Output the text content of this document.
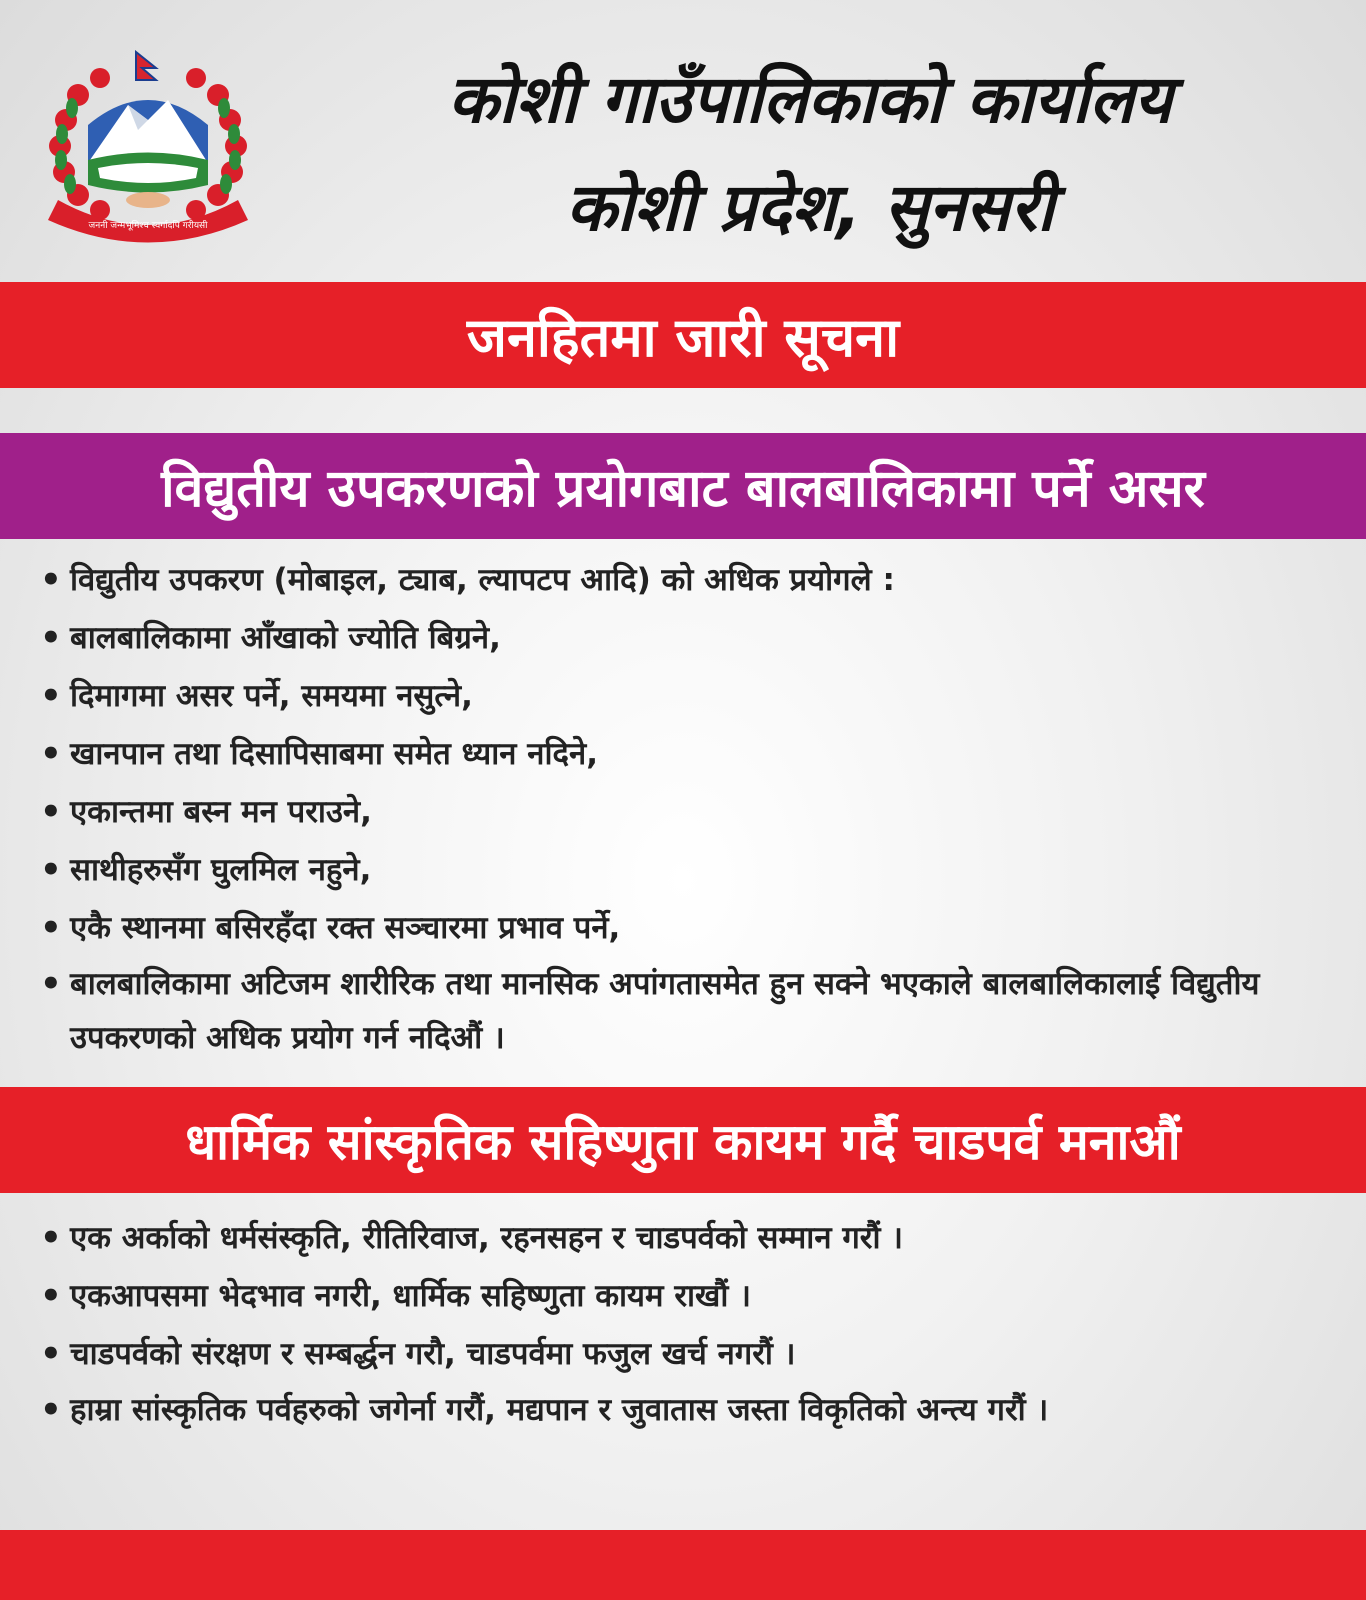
जननी जन्मभूमिश्च स्वर्गादपि गरीयसी
कोशी गाउँपालिकाको कार्यालय
कोशी प्रदेश, सुनसरी
जनहितमा जारी सूचना
विद्युतीय उपकरणको प्रयोगबाट बालबालिकामा पर्ने असर
• विद्युतीय उपकरण (मोबाइल, ट्याब, ल्यापटप आदि) को अधिक प्रयोगले :
• बालबालिकामा आँखाको ज्योति बिग्रने,
• दिमागमा असर पर्ने, समयमा नसुत्ने,
• खानपान तथा दिसापिसाबमा समेत ध्यान नदिने,
• एकान्तमा बस्न मन पराउने,
• साथीहरुसँग घुलमिल नहुने,
• एकै स्थानमा बसिरहँदा रक्त सञ्चारमा प्रभाव पर्ने,
• बालबालिकामा अटिजम शारीरिक तथा मानसिक अपांगतासमेत हुन सक्ने भएकाले बालबालिकालाई विद्युतीय उपकरणको अधिक प्रयोग गर्न नदिऔं ।
धार्मिक सांस्कृतिक सहिष्णुता कायम गर्दै चाडपर्व मनाऔं
• एक अर्काको धर्मसंस्कृति, रीतिरिवाज, रहनसहन र चाडपर्वको सम्मान गरौं ।
• एकआपसमा भेदभाव नगरी, धार्मिक सहिष्णुता कायम राखौं ।
• चाडपर्वको संरक्षण र सम्बर्द्धन गरौ, चाडपर्वमा फजुल खर्च नगरौं ।
• हाम्रा सांस्कृतिक पर्वहरुको जगेर्ना गरौं, मद्यपान र जुवातास जस्ता विकृतिको अन्त्य गरौं ।
